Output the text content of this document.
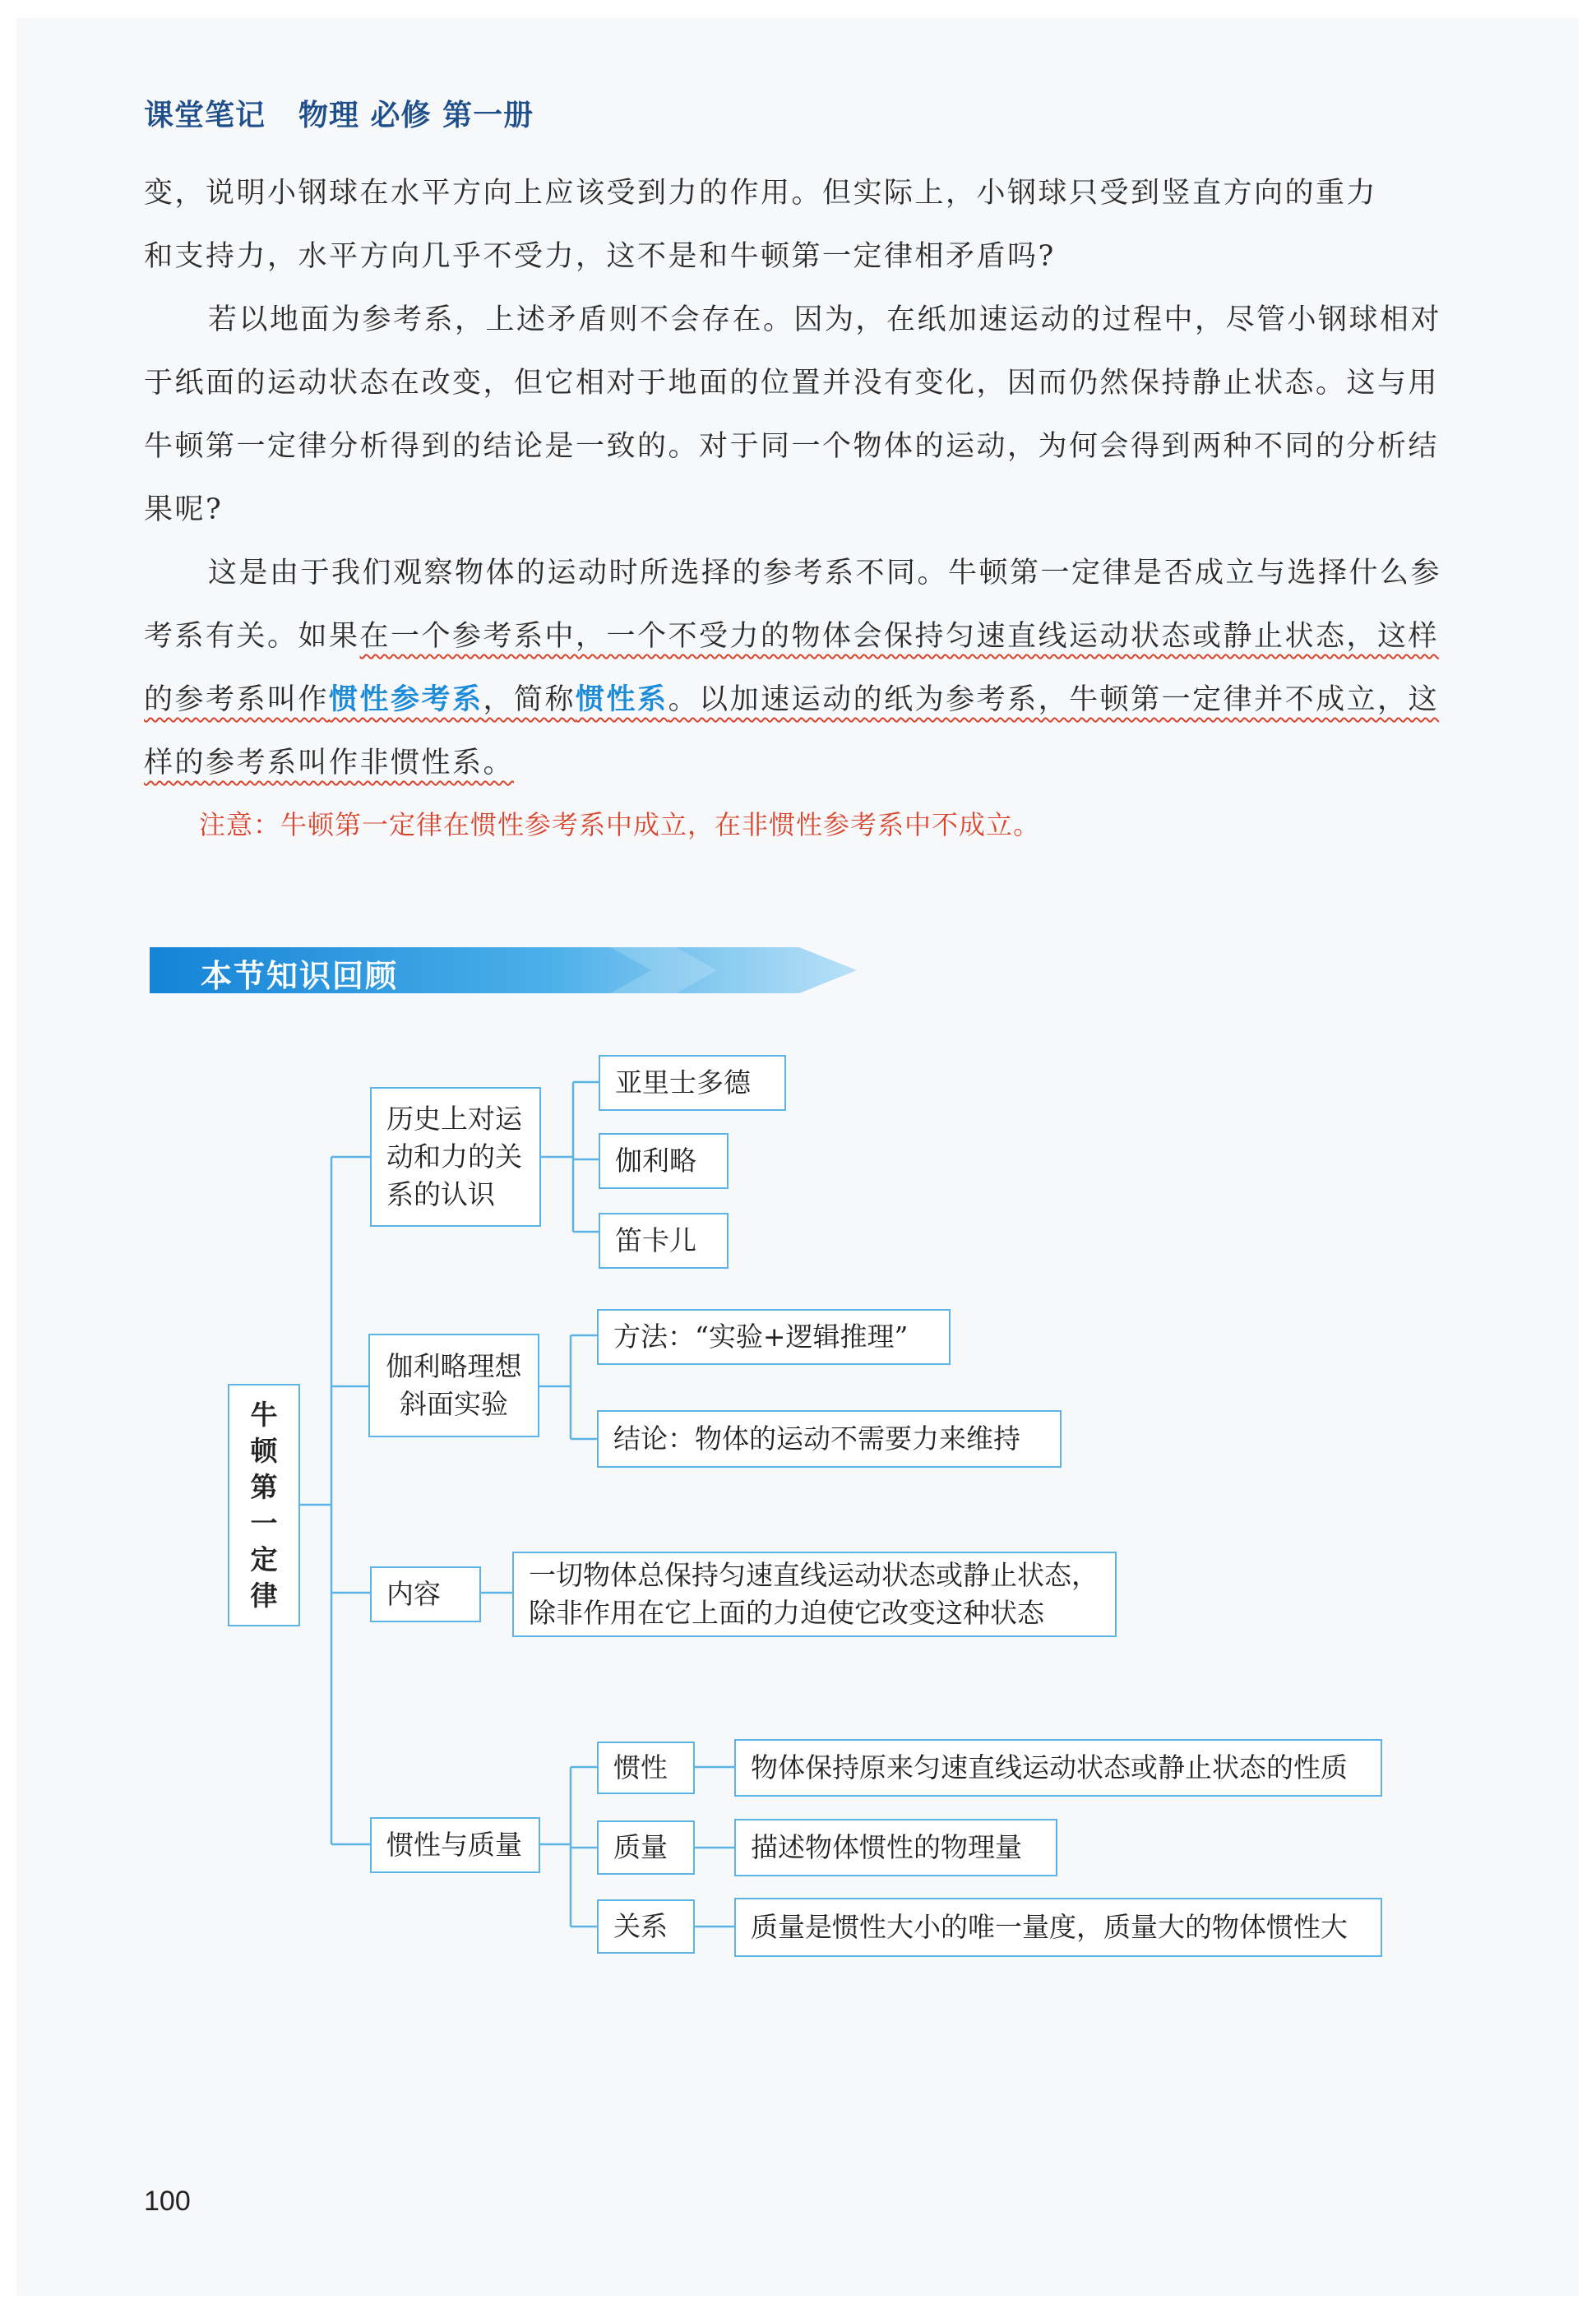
课堂笔记 物理 必修 第一册

变，说明小钢球在水平方向上应该受到力的作用。但实际上，小钢球只受到竖直方向的重力

和支持力，水平方向几乎不受力，这不是和牛顿第一定律相矛盾吗?

若以地面为参考系，上述矛盾则不会存在。因为，在纸加速运动的过程中，尽管小钢球相对于纸面的运动状态在改变，但它相对于地面的位置并没有变化，因而仍然保持静止状态。这与用牛顿第一定律分析得到的结论是一致的。对于同一个物体的运动，为何会得到两种不同的分析结果呢?

这是由于我们观察物体的运动时所选择的参考系不同。牛顿第一定律是否成立与选择什么参考系有关。如果在一个参考系中，一个不受力的物体会保持匀速直线运动状态或静止状态，这样的参考系叫作惯性参考系，简称惯性系。以加速运动的纸为参考系，牛顿第一定律并不成立，这样的参考系叫作非惯性系。

注意：牛顿第一定律在惯性参考系中成立，在非惯性参考系中不成立。
本节知识回顾
牛
顿
第
一
定
律
历史上对运
动和力的关
系的认识
亚里士多德
伽利略
笛卡儿
伽利略理想
斜面实验
方法：“实验+逻辑推理”
结论：物体的运动不需要力来维持
内容
一切物体总保持匀速直线运动状态或静止状态，
除非作用在它上面的力迫使它改变这种状态
惯性与质量
惯性	物体保持原来匀速直线运动状态或静止状态的性质
质量	描述物体惯性的物理量
关系	质量是惯性大小的唯一量度，质量大的物体惯性大
100
